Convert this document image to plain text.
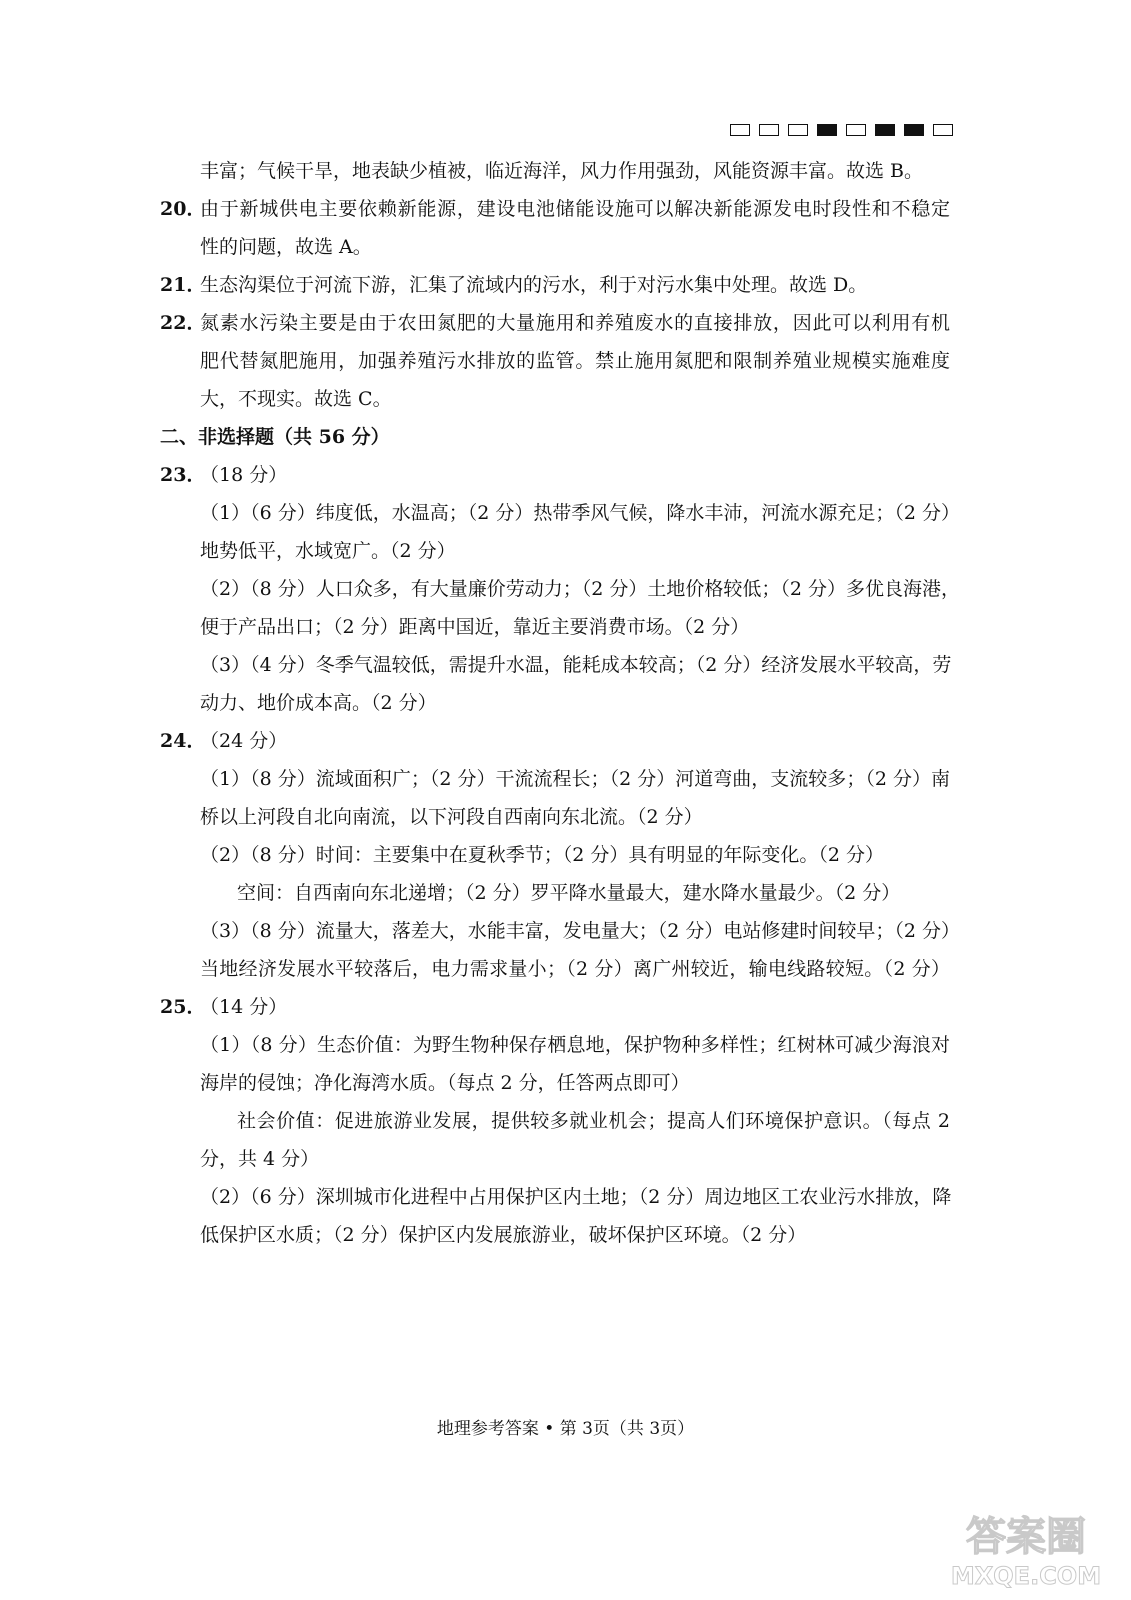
丰富；气候干旱，地表缺少植被，临近海洋，风力作用强劲，风能资源丰富。故选 B。
20．
由于新城供电主要依赖新能源，建设电池储能设施可以解决新能源发电时段性和不稳定
性的问题，故选 A。
21．
生态沟渠位于河流下游，汇集了流域内的污水，利于对污水集中处理。故选 D。
22．
氮素水污染主要是由于农田氮肥的大量施用和养殖废水的直接排放，因此可以利用有机
肥代替氮肥施用，加强养殖污水排放的监管。禁止施用氮肥和限制养殖业规模实施难度
大，不现实。故选 C。
二、非选择题（共 56 分）
23．
（18 分）
（1）（6 分）纬度低，水温高；（2 分）热带季风气候，降水丰沛，河流水源充足；（2 分）
地势低平，水域宽广。（2 分）
（2）（8 分）人口众多，有大量廉价劳动力；（2 分）土地价格较低；（2 分）多优良海港，
便于产品出口；（2 分）距离中国近，靠近主要消费市场。（2 分）
（3）（4 分）冬季气温较低，需提升水温，能耗成本较高；（2 分）经济发展水平较高，劳
动力、地价成本高。（2 分）
24．
（24 分）
（1）（8 分）流域面积广；（2 分）干流流程长；（2 分）河道弯曲，支流较多；（2 分）南
桥以上河段自北向南流，以下河段自西南向东北流。（2 分）
（2）（8 分）时间：主要集中在夏秋季节；（2 分）具有明显的年际变化。（2 分）
空间：自西南向东北递增；（2 分）罗平降水量最大，建水降水量最少。（2 分）
（3）（8 分）流量大，落差大，水能丰富，发电量大；（2 分）电站修建时间较早；（2 分）
当地经济发展水平较落后，电力需求量小；（2 分）离广州较近，输电线路较短。（2 分）
25．
（14 分）
（1）（8 分）生态价值：为野生物种保存栖息地，保护物种多样性；红树林可减少海浪对
海岸的侵蚀；净化海湾水质。（每点 2 分，任答两点即可）
社会价值：促进旅游业发展，提供较多就业机会；提高人们环境保护意识。（每点 2
分，共 4 分）
（2）（6 分）深圳城市化进程中占用保护区内土地；（2 分）周边地区工农业污水排放，降
低保护区水质；（2 分）保护区内发展旅游业，破坏保护区环境。（2 分）
地理参考答案 • 第 3页（共 3页）
答案圈
MXQE.COM
